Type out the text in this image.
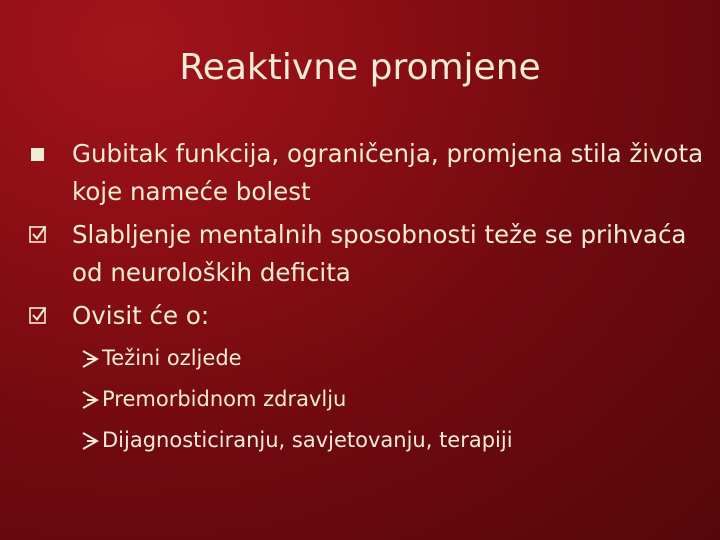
Reaktivne promjene
Gubitak funkcija, ograničenja, promjena stila života koje nameće bolest
Slabljenje mentalnih sposobnosti teže se prihvaća od neuroloških deficita
Ovisit će o:
Težini ozljede
Premorbidnom zdravlju
Dijagnosticiranju, savjetovanju, terapiji
